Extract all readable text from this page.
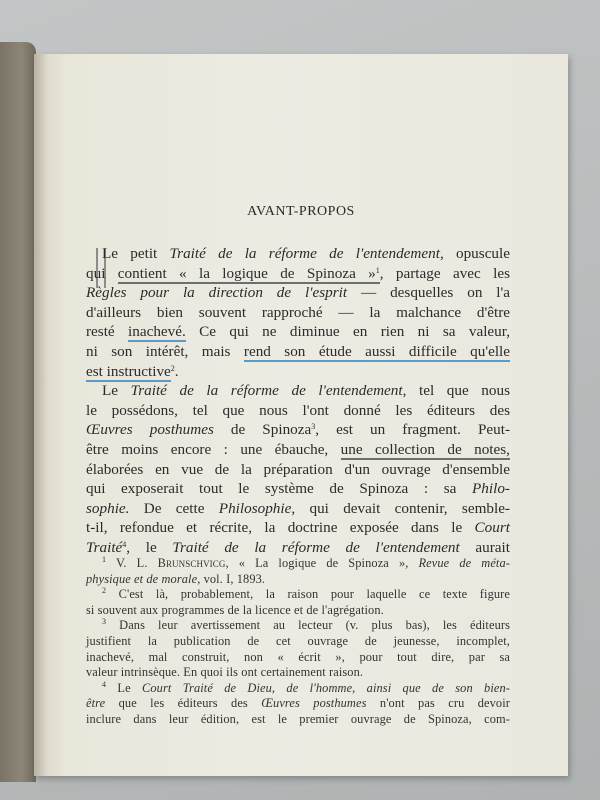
AVANT-PROPOS
Le petit Traité de la réforme de l'entendement, opuscule
qui contient « la logique de Spinoza »$^1$, partage avec les
Règles pour la direction de l'esprit — desquelles on l'a
d'ailleurs bien souvent rapproché — la malchance d'être
resté inachevé. Ce qui ne diminue en rien ni sa valeur,
ni son intérêt, mais rend son étude aussi difficile qu'elle
est instructive$^2$.
Le Traité de la réforme de l'entendement, tel que nous
le possédons, tel que nous l'ont donné les éditeurs des
Œuvres posthumes de Spinoza$^3$, est un fragment. Peut-
être moins encore : une ébauche, une collection de notes,
élaborées en vue de la préparation d'un ouvrage d'ensemble
qui exposerait tout le système de Spinoza : sa Philo-
sophie. De cette Philosophie, qui devait contenir, semble-
t-il, refondue et récrite, la doctrine exposée dans le Court
Traité$^4$, le Traité de la réforme de l'entendement aurait
$^1$ V. L. Brunschvicg, « La logique de Spinoza », Revue de méta-
physique et de morale, vol. I, 1893.
$^2$ C'est là, probablement, la raison pour laquelle ce texte figure
si souvent aux programmes de la licence et de l'agrégation.
$^3$ Dans leur avertissement au lecteur (v. plus bas), les éditeurs
justifient la publication de cet ouvrage de jeunesse, incomplet,
inachevé, mal construit, non « écrit », pour tout dire, par sa
valeur intrinsèque. En quoi ils ont certainement raison.
$^4$ Le Court Traité de Dieu, de l'homme, ainsi que de son bien-
être que les éditeurs des Œuvres posthumes n'ont pas cru devoir
inclure dans leur édition, est le premier ouvrage de Spinoza, com-
